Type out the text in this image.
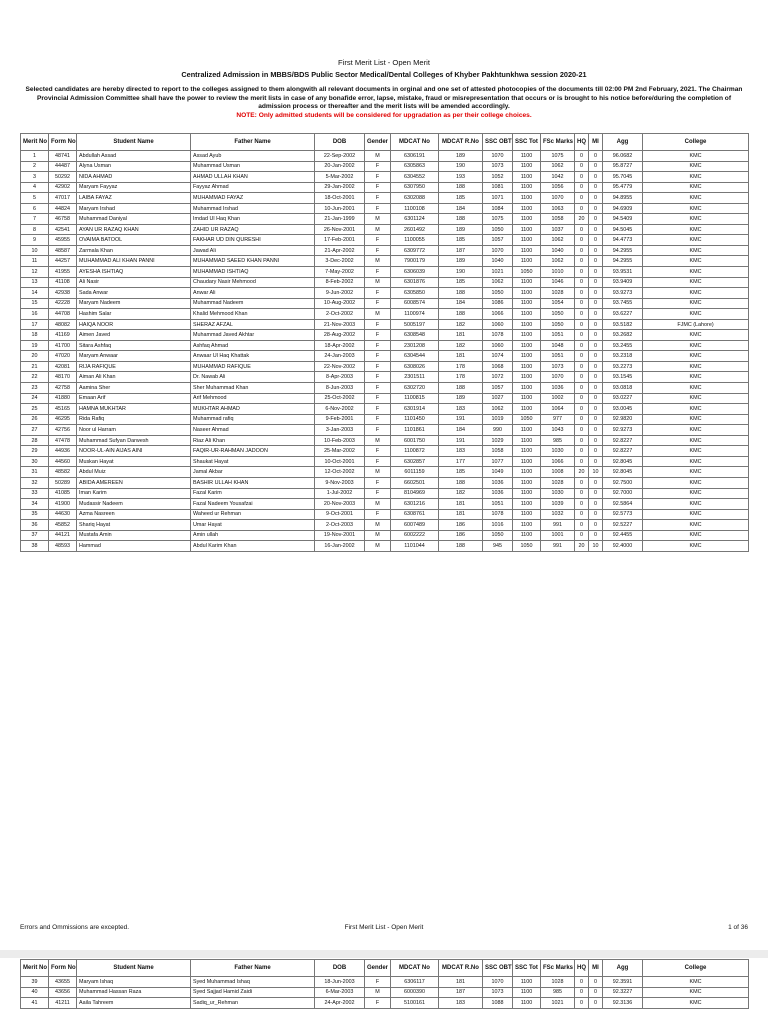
First Merit List - Open Merit
Centralized Admission in MBBS/BDS Public Sector Medical/Dental Colleges of Khyber Pakhtunkhwa session 2020-21
Selected candidates are hereby directed to report to the colleges assigned to them alongwith all relevant documents in orginal and one set of attested photocopies of the documents till 02:00 PM 2nd February, 2021. The Chairman Provincial Admission Committee shall have the power to review the merit lists in case of any bonafide error, lapse, mistake, fraud or misrepresentation that occurs or is brought to his notice before/during the completion of admission process or thereafter and the merit lists will be amended accordingly.
NOTE: Only admitted students will be considered for upgradation as per their college choices.
Merit No	Form No	Student Name	Father Name	DOB	Gender	MDCAT No	MDCAT R.No	SSC OBT	SSC Tot	FSc Marks	HQ	MI	Agg	College
1	48741	Abdullah Assad	Assad Ayub	22-Sep-2002	M	6306191	189	1070	1100	1075	0	0	96.0682	KMC
2	44487	Alyna Usman	Muhammad Usman	20-Jan-2002	F	6305863	190	1073	1100	1062	0	0	95.8727	KMC
3	50292	NIDA AHMAD	AHMAD ULLAH KHAN	5-Mar-2002	F	6304552	193	1052	1100	1042	0	0	95.7045	KMC
4	42902	Maryam Fayyaz	Fayyaz Ahmad	29-Jan-2002	F	6307950	188	1081	1100	1056	0	0	95.4779	KMC
5	47017	LAIBA FAYAZ	MUHAMMAD FAYAZ	18-Oct-2001	F	6302088	185	1071	1100	1070	0	0	94.8955	KMC
6	44824	Maryam Irshad	Muhammad Irshad	10-Jun-2001	F	1100108	184	1084	1100	1063	0	0	94.6909	KMC
7	46758	Muhammad Daniyal	Imdad Ul Haq Khan	21-Jan-1999	M	6301124	188	1075	1100	1058	20	0	94.5409	KMC
8	42541	AYAN UR RAZAQ KHAN	ZAHID UR RAZAQ	26-Nov-2001	M	2601492	189	1050	1100	1037	0	0	94.5045	KMC
9	45955	OVAIMA BATOOL	FAKHAR UD DIN QURESHI	17-Feb-2001	F	1100055	185	1057	1100	1062	0	0	94.4773	KMC
10	48587	Zarmala Khan	Jawad Ali	21-Apr-2002	F	6309772	187	1070	1100	1040	0	0	94.2955	KMC
11	44257	MUHAMMAD ALI KHAN PANNI	MUHAMMAD SAEED KHAN PANNI	3-Dec-2002	M	7900179	189	1040	1100	1062	0	0	94.2955	KMC
12	41955	AYESHA ISHTIAQ	MUHAMMAD ISHTIAQ	7-May-2002	F	6306039	190	1021	1050	1010	0	0	93.9531	KMC
13	41108	Ali Nasir	Chaudary Nasir Mehmood	8-Feb-2002	M	6301876	185	1062	1100	1046	0	0	93.9409	KMC
14	42938	Sada Anwar	Anwar Ali	9-Jun-2002	F	6305850	188	1050	1100	1028	0	0	93.9273	KMC
15	42228	Maryam Nadeem	Muhammad Nadeem	10-Aug-2002	F	6008574	184	1086	1100	1054	0	0	93.7455	KMC
16	44708	Hashim Salar	Khalid Mehmood Khan	2-Oct-2002	M	1100974	188	1066	1100	1050	0	0	93.6227	KMC
17	48082	HAIQA NOOR	SHERAZ AFZAL	21-Nov-2003	F	5005197	182	1060	1100	1050	0	0	93.5182	FJMC (Lahore)
18	41169	Aimen Javed	Muhammad Javed Akhtar	28-Aug-2002	F	6308548	181	1078	1100	1051	0	0	93.2682	KMC
19	41700	Sitara Ashfaq	Ashfaq Ahmad	18-Apr-2002	F	2301208	182	1060	1100	1048	0	0	93.2455	KMC
20	47020	Maryam Anwaar	Anwaar Ul Haq Khattak	24-Jan-2003	F	6304544	181	1074	1100	1051	0	0	93.2318	KMC
21	42081	RIJA RAFIQUE	MUHAMMAD RAFIQUE	22-Nov-2002	F	6308026	178	1068	1100	1073	0	0	93.2273	KMC
22	48170	Aiman Ali Khan	Dr. Nawab Ali	8-Apr-2003	F	2301511	178	1072	1100	1070	0	0	93.1545	KMC
23	42758	Aamina Sher	Sher Muhammad Khan	8-Jun-2003	F	6302720	188	1057	1100	1036	0	0	93.0818	KMC
24	41880	Emaan Arif	Arif Mehmood	25-Oct-2002	F	1100815	189	1027	1100	1002	0	0	93.0227	KMC
25	45165	HAMNA MUKHTAR	MUKHTAR AHMAD	6-Nov-2002	F	6301914	183	1062	1100	1064	0	0	93.0045	KMC
26	46295	Rida Rafiq	Muhammad rafiq	9-Feb-2001	F	1101450	191	1019	1050	977	0	0	92.9820	KMC
27	42756	Noor ul Harram	Naseer Ahmad	3-Jan-2003	F	1101861	184	990	1100	1043	0	0	92.9273	KMC
28	47478	Muhammad Sufyan Darwesh	Riaz Ali Khan	10-Feb-2003	M	6001750	191	1029	1100	985	0	0	92.8227	KMC
29	44936	NOOR-UL-AIN AIJAS AINI	FAQIR-UR-RAHMAN JADOON	25-Mar-2002	F	1100872	183	1058	1100	1030	0	0	92.8227	KMC
30	44560	Muskan Hayat	Shaukat Hayat	10-Oct-2001	F	6302857	177	1077	1100	1066	0	0	92.8045	KMC
31	48582	Abdul Muiz	Jamal Akbar	12-Oct-2002	M	6011159	185	1049	1100	1008	20	10	92.8045	KMC
32	50289	ABIDA AMEREEN	BASHIR ULLAH KHAN	9-Nov-2003	F	6602501	188	1036	1100	1028	0	0	92.7500	KMC
33	41085	Iman Karim	Fazal Karim	1-Jul-2002	F	8104969	182	1036	1100	1030	0	0	92.7000	KMC
34	41900	Mudassir Nadeem	Fazal Nadeem Yousafzai	20-Nov-2003	M	6301216	181	1051	1100	1039	0	0	92.5864	KMC
35	44630	Azma Nasreen	Waheed ur Rehman	9-Oct-2001	F	6308761	181	1078	1100	1032	0	0	92.5773	KMC
36	45852	Shariq Hayat	Umar Hayat	2-Oct-2003	M	6007489	186	1016	1100	991	0	0	92.5227	KMC
37	44121	Mustafa Amin	Amin ullah	19-Nov-2001	M	6002222	186	1050	1100	1001	0	0	92.4455	KMC
38	48593	Hammad	Abdul Karim Khan	16-Jan-2002	M	1101044	188	945	1050	991	20	10	92.4000	KMC
Errors and Ommissions are excepted.	First Merit List - Open Merit	1 of 36
Merit No	Form No	Student Name	Father Name	DOB	Gender	MDCAT No	MDCAT R.No	SSC OBT	SSC Tot	FSc Marks	HQ	MI	Agg	College
39	43655	Maryam Ishaq	Syed Muhammad Ishaq	18-Jun-2003	F	6306117	181	1070	1100	1028	0	0	92.3591	KMC
40	43656	Muhammad Hassan Raza	Syed Sajjad Hamid Zaidi	6-Mar-2003	M	6000390	187	1073	1100	985	0	0	92.3227	KMC
41	41211	Aaila Tahreem	Sadiq_ur_Rehman	24-Apr-2002	F	5100161	183	1088	1100	1021	0	0	92.3136	KMC
